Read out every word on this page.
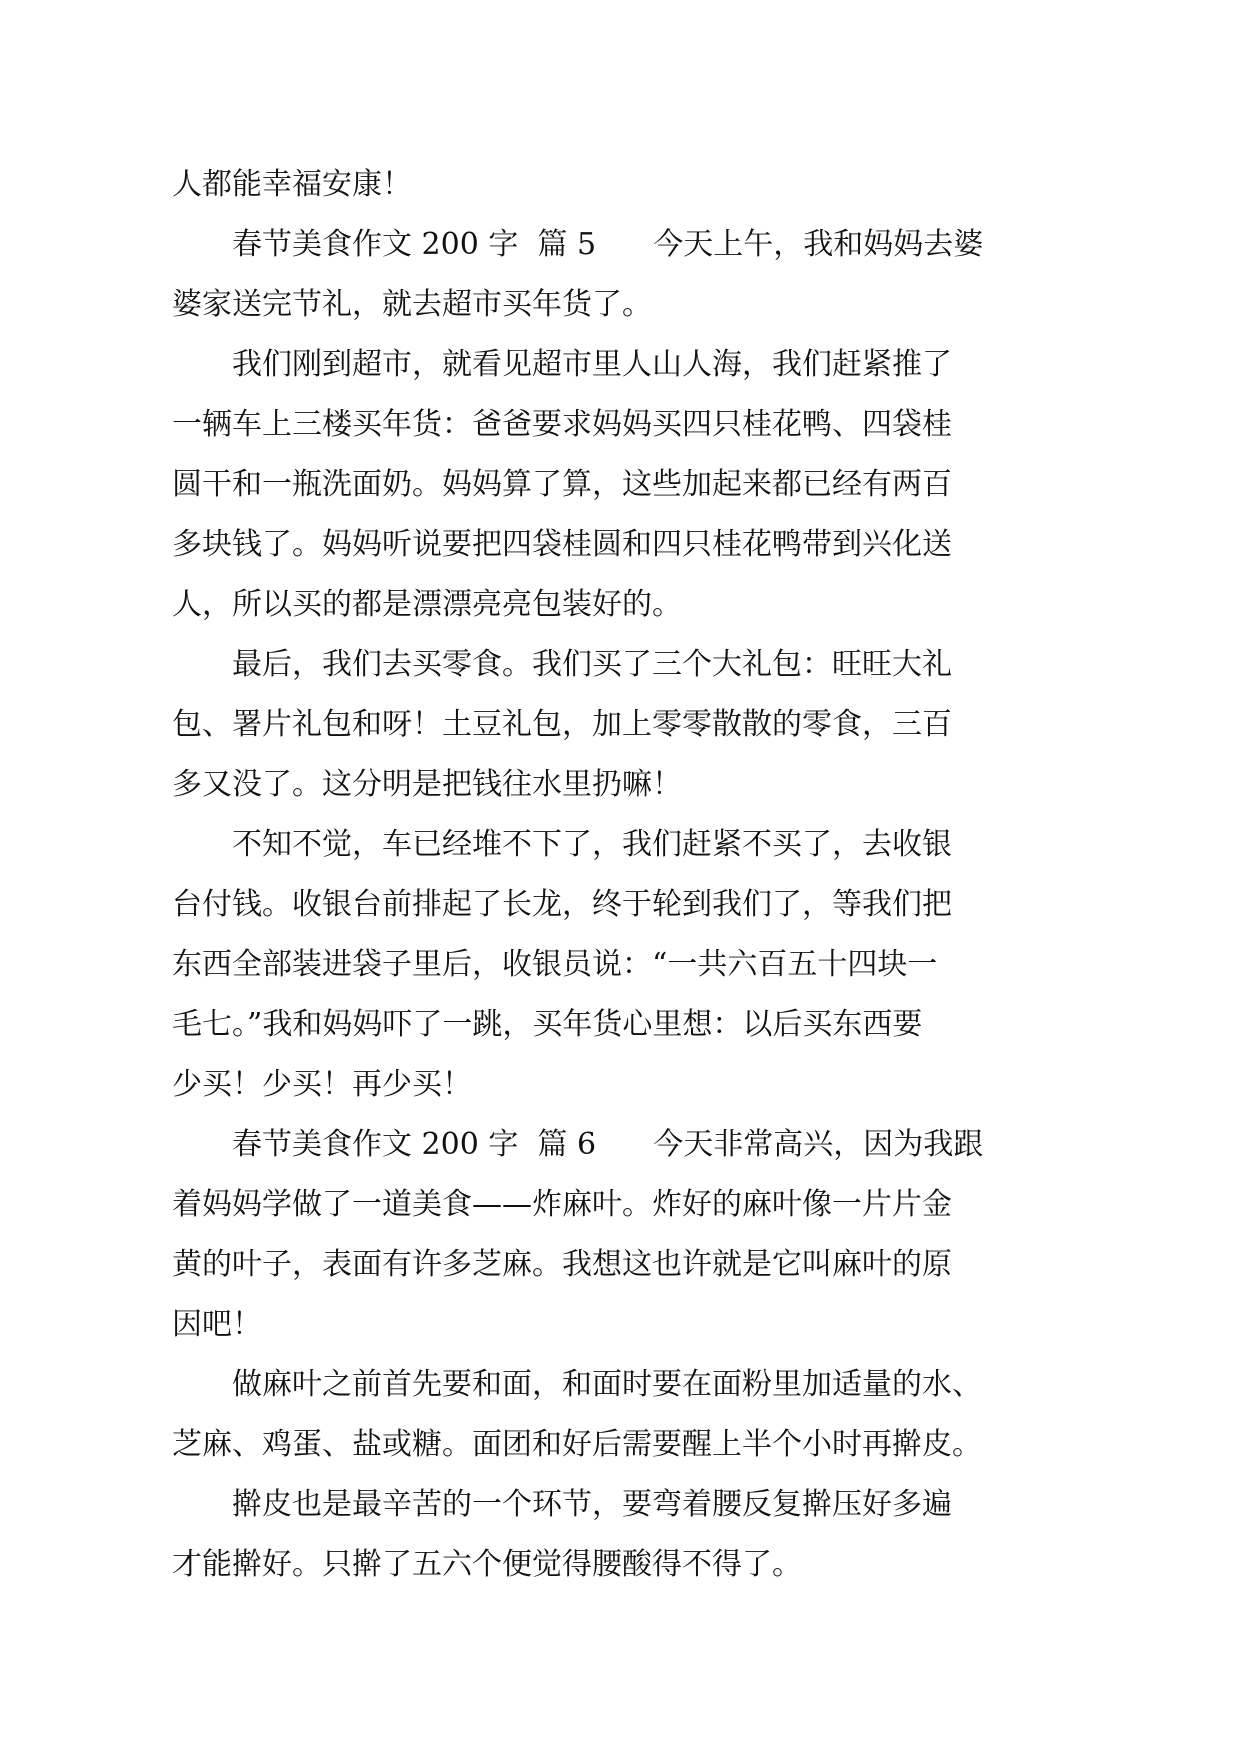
人都能幸福安康！
春节美食作文 200 字  篇 5      今天上午，我和妈妈去婆
婆家送完节礼，就去超市买年货了。
我们刚到超市，就看见超市里人山人海，我们赶紧推了
一辆车上三楼买年货：爸爸要求妈妈买四只桂花鸭、四袋桂
圆干和一瓶洗面奶。妈妈算了算，这些加起来都已经有两百
多块钱了。妈妈听说要把四袋桂圆和四只桂花鸭带到兴化送
人，所以买的都是漂漂亮亮包装好的。
最后，我们去买零食。我们买了三个大礼包：旺旺大礼
包、署片礼包和呀！土豆礼包，加上零零散散的零食，三百
多又没了。这分明是把钱往水里扔嘛！
不知不觉，车已经堆不下了，我们赶紧不买了，去收银
台付钱。收银台前排起了长龙，终于轮到我们了，等我们把
东西全部装进袋子里后，收银员说：“一共六百五十四块一
毛七。”我和妈妈吓了一跳，买年货心里想：以后买东西要
少买！少买！再少买！
春节美食作文 200 字  篇 6      今天非常高兴，因为我跟
着妈妈学做了一道美食——炸麻叶。炸好的麻叶像一片片金
黄的叶子，表面有许多芝麻。我想这也许就是它叫麻叶的原
因吧！
做麻叶之前首先要和面，和面时要在面粉里加适量的水、
芝麻、鸡蛋、盐或糖。面团和好后需要醒上半个小时再擀皮。
擀皮也是最辛苦的一个环节，要弯着腰反复擀压好多遍
才能擀好。只擀了五六个便觉得腰酸得不得了。
